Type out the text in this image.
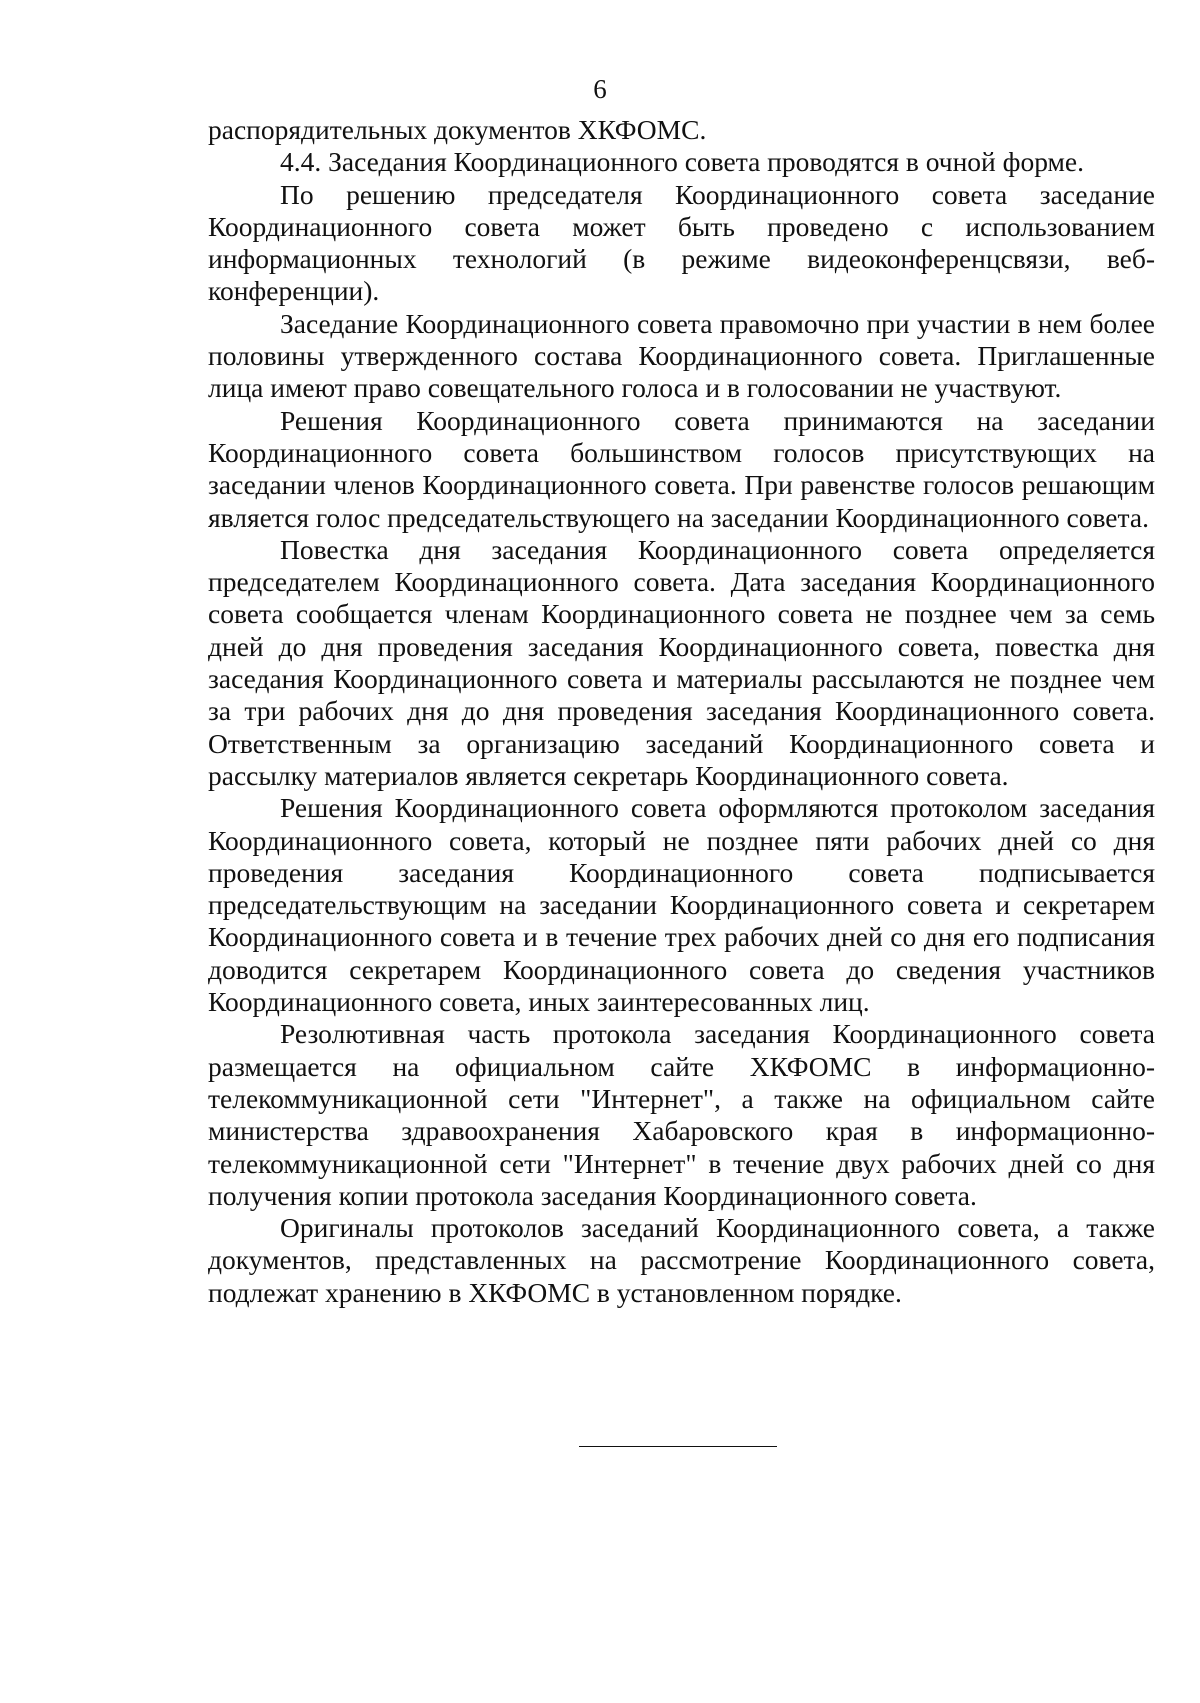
6

распорядительных документов ХКФОМС.

4.4. Заседания Координационного совета проводятся в очной форме.

По решению председателя Координационного совета заседание Координационного совета может быть проведено с использованием информационных технологий (в режиме видеоконференцсвязи, веб-конференции).

Заседание Координационного совета правомочно при участии в нем более половины утвержденного состава Координационного совета. Приглашенные лица имеют право совещательного голоса и в голосовании не участвуют.

Решения Координационного совета принимаются на заседании Координационного совета большинством голосов присутствующих на заседании членов Координационного совета. При равенстве голосов решающим является голос председательствующего на заседании Координационного совета.

Повестка дня заседания Координационного совета определяется председателем Координационного совета. Дата заседания Координационного совета сообщается членам Координационного совета не позднее чем за семь дней до дня проведения заседания Координационного совета, повестка дня заседания Координационного совета и материалы рассылаются не позднее чем за три рабочих дня до дня проведения заседания Координационного совета. Ответственным за организацию заседаний Координационного совета и рассылку материалов является секретарь Координационного совета.

Решения Координационного совета оформляются протоколом заседания Координационного совета, который не позднее пяти рабочих дней со дня проведения заседания Координационного совета подписывается председательствующим на заседании Координационного совета и секретарем Координационного совета и в течение трех рабочих дней со дня его подписания доводится секретарем Координационного совета до сведения участников Координационного совета, иных заинтересованных лиц.

Резолютивная часть протокола заседания Координационного совета размещается на официальном сайте ХКФОМС в информационно-телекоммуникационной сети "Интернет", а также на официальном сайте министерства здравоохранения Хабаровского края в информационно-телекоммуникационной сети "Интернет" в течение двух рабочих дней со дня получения копии протокола заседания Координационного совета.

Оригиналы протоколов заседаний Координационного совета, а также документов, представленных на рассмотрение Координационного совета, подлежат хранению в ХКФОМС в установленном порядке.
